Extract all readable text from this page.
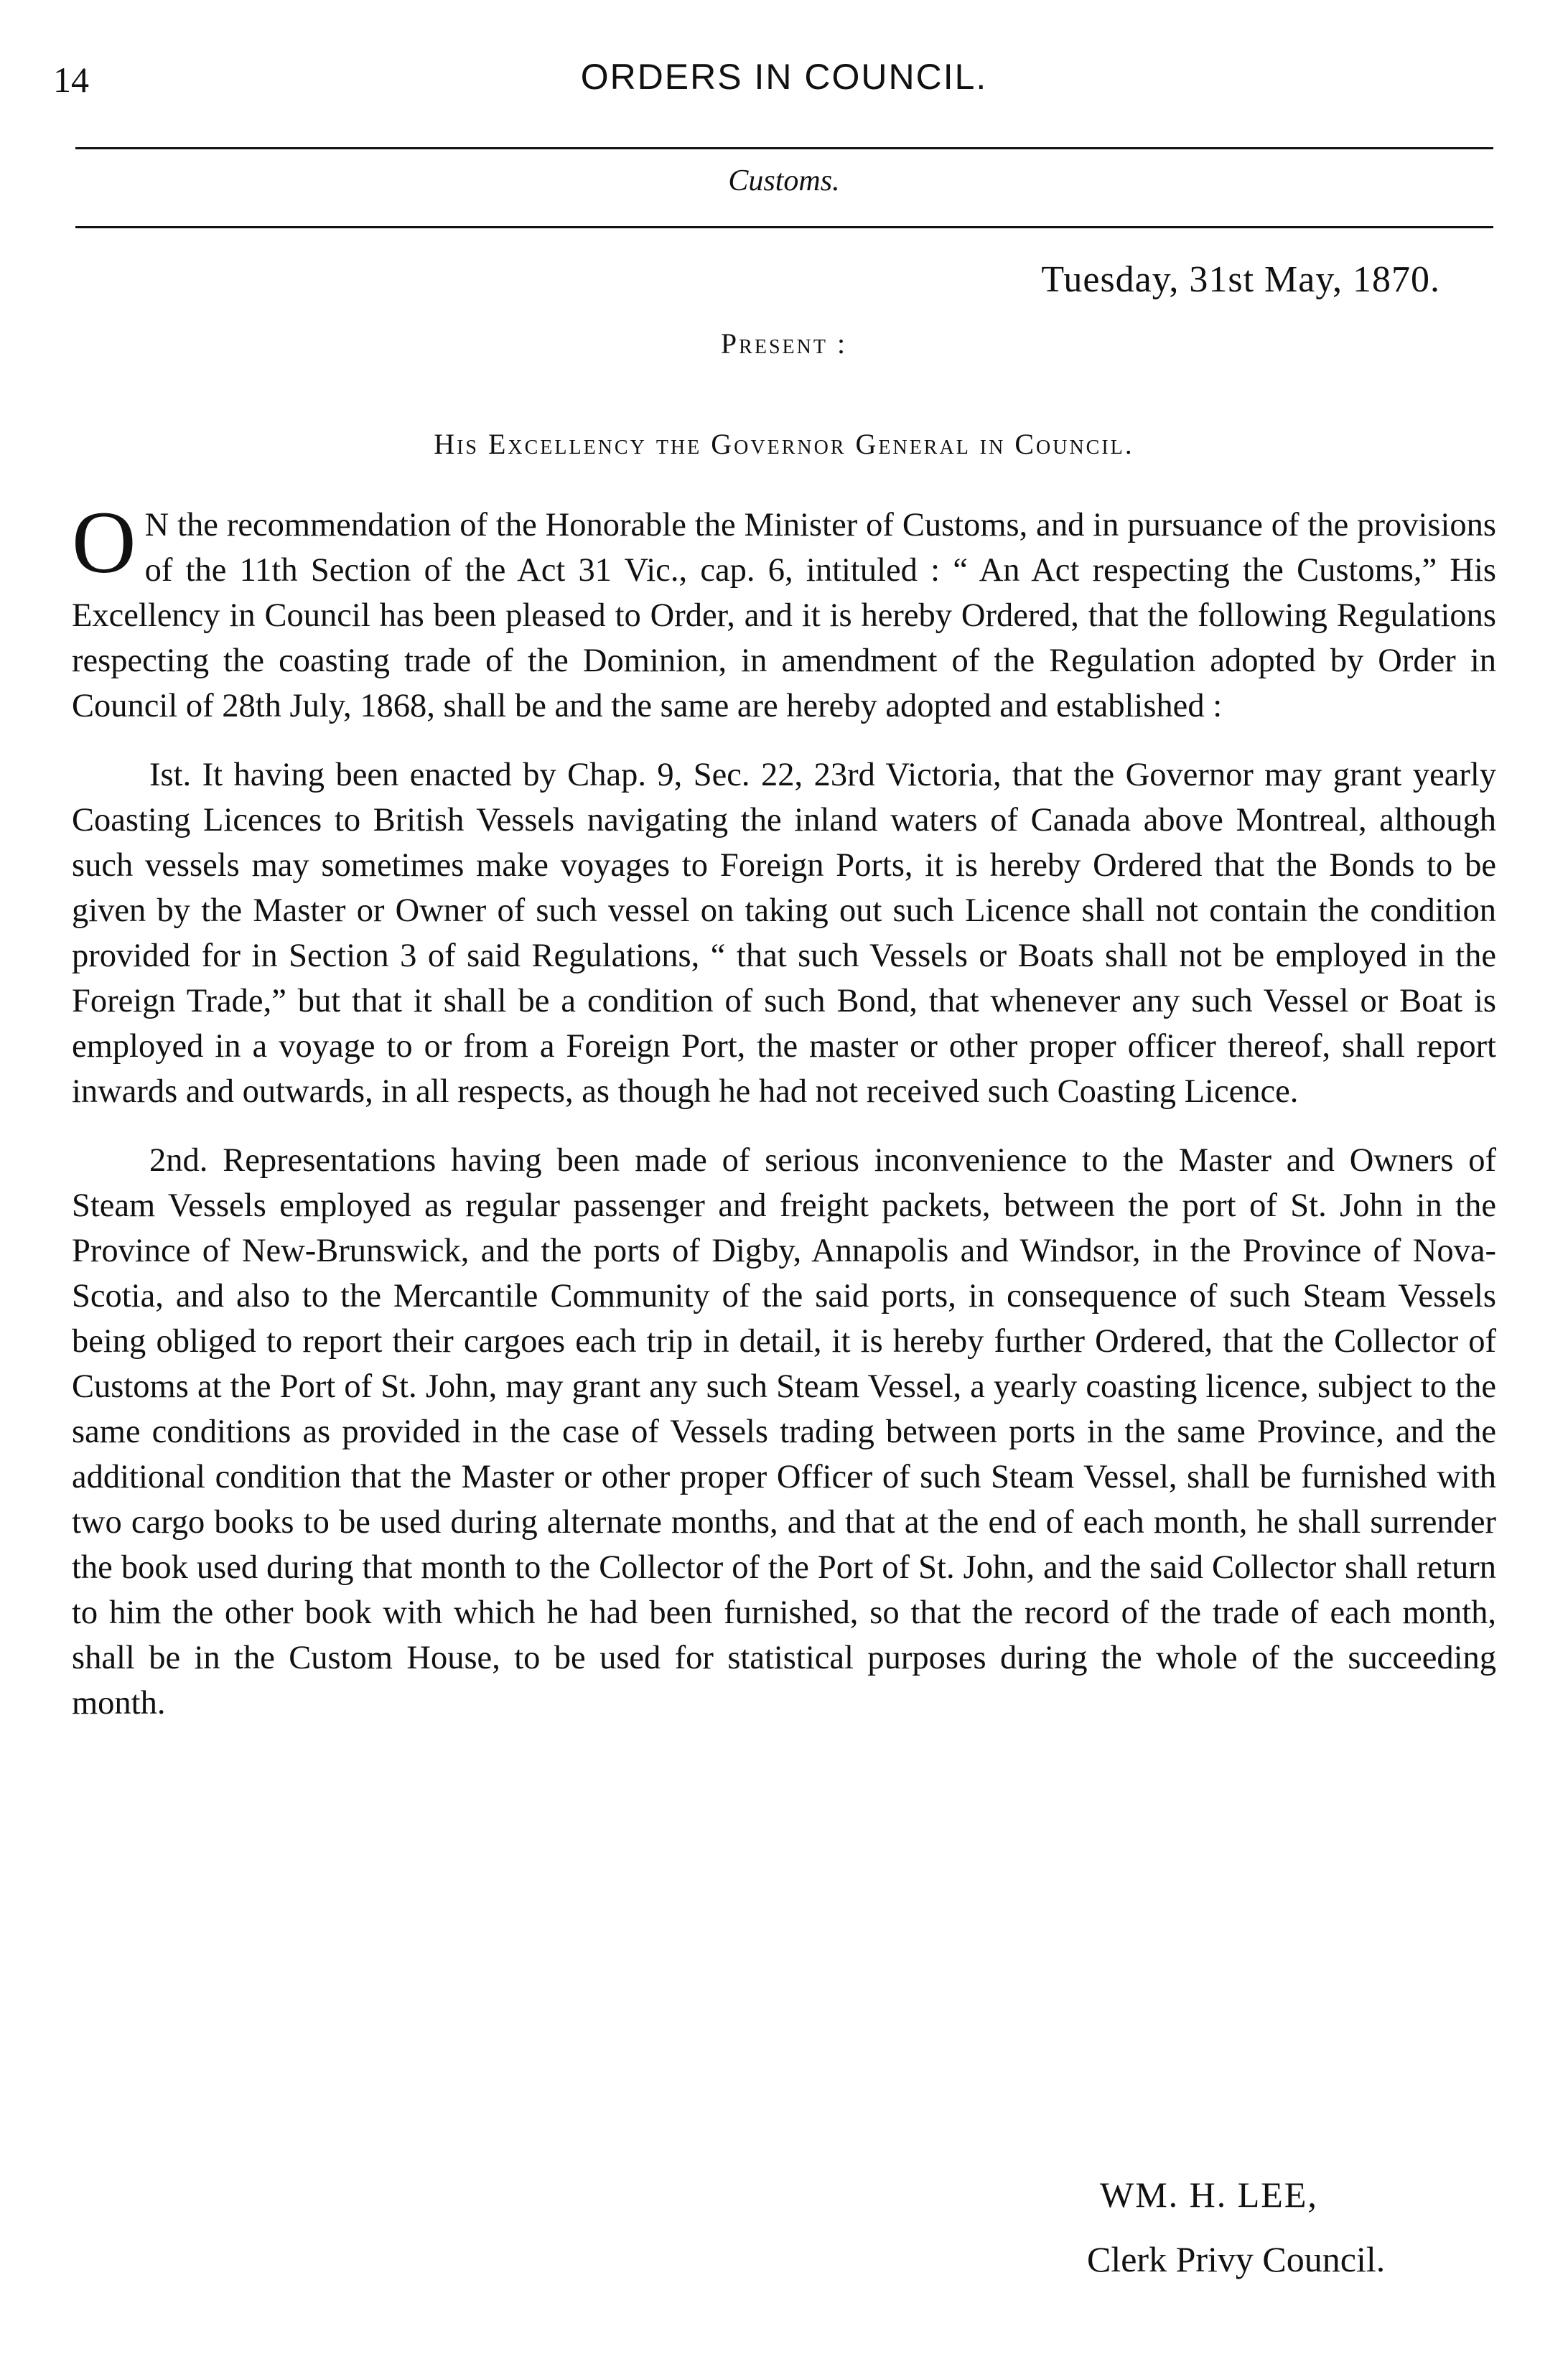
14	ORDERS IN COUNCIL.
Customs.
Tuesday, 31st May, 1870.
Present :
His Excellency the Governor General in Council.

O N the recommendation of the Honorable the Minister of Customs, and in pursuance of the provisions of the 11th Section of the Act 31 Vic., cap. 6, intituled : “ An Act respecting the Customs,” His Excellency in Council has been pleased to Order, and it is hereby Ordered, that the following Regulations respecting the coasting trade of the Dominion, in amendment of the Regulation adopted by Order in Council of 28th July, 1868, shall be and the same are hereby adopted and established :

Ist. It having been enacted by Chap. 9, Sec. 22, 23rd Victoria, that the Governor may grant yearly Coasting Licences to British Vessels navigating the inland waters of Canada above Montreal, although such vessels may sometimes make voyages to Foreign Ports, it is hereby Ordered that the Bonds to be given by the Master or Owner of such vessel on taking out such Licence shall not contain the condition provided for in Section 3 of said Regulations, “ that such Vessels or Boats shall not be employed in the Foreign Trade,” but that it shall be a condition of such Bond, that whenever any such Vessel or Boat is employed in a voyage to or from a Foreign Port, the master or other proper officer thereof, shall report inwards and outwards, in all respects, as though he had not received such Coasting Licence.

2nd. Representations having been made of serious inconvenience to the Master and Owners of Steam Vessels employed as regular passenger and freight packets, between the port of St. John in the Province of New-Brunswick, and the ports of Digby, Annapolis and Windsor, in the Province of Nova-Scotia, and also to the Mercantile Community of the said ports, in consequence of such Steam Vessels being obliged to report their cargoes each trip in detail, it is hereby further Ordered, that the Collector of Customs at the Port of St. John, may grant any such Steam Vessel, a yearly coasting licence, subject to the same conditions as provided in the case of Vessels trading between ports in the same Province, and the additional condition that the Master or other proper Officer of such Steam Vessel, shall be furnished with two cargo books to be used during alternate months, and that at the end of each month, he shall surrender the book used during that month to the Collector of the Port of St. John, and the said Collector shall return to him the other book with which he had been furnished, so that the record of the trade of each month, shall be in the Custom House, to be used for statistical purposes during the whole of the succeeding month.

WM. H. LEE,
Clerk Privy Council.
